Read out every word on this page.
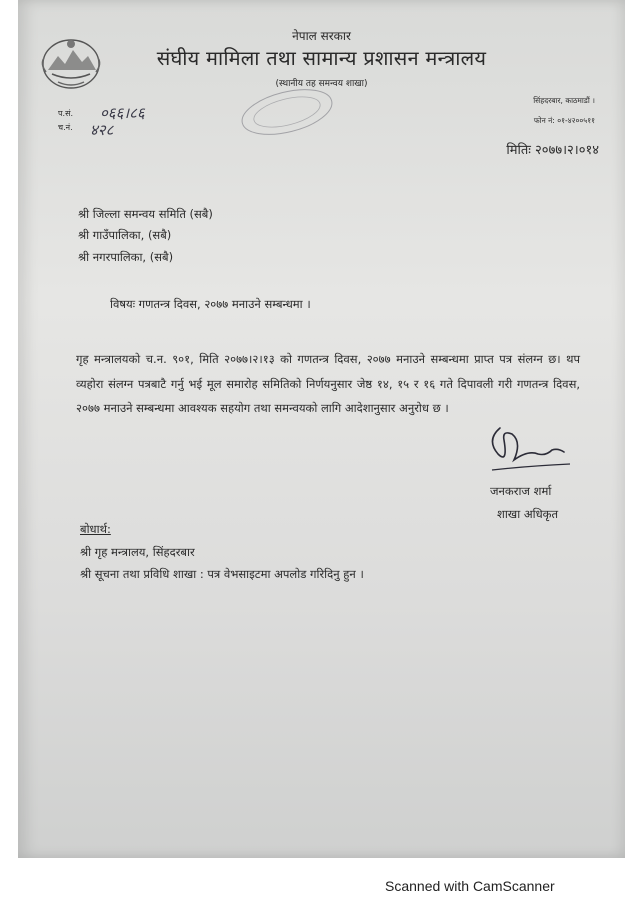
नेपाल सरकार
संघीय मामिला तथा सामान्य प्रशासन मन्त्रालय
(स्थानीय तह समन्वय शाखा)
सिंहदरबार, काठमाडौं ।
फोन नं: ०१-४२००५११
प.सं. ०६६।८६
च.नं. ४२८
मितिः २०७७।२।०१४
श्री जिल्ला समन्वय समिति (सबै)
श्री गाउँपालिका, (सबै)
श्री नगरपालिका, (सबै)
विषयः गणतन्त्र दिवस, २०७७ मनाउने सम्बन्धमा ।
गृह मन्त्रालयको च.न. ९०१, मिति २०७७।२।१३ को गणतन्त्र दिवस, २०७७ मनाउने सम्बन्धमा प्राप्त पत्र संलग्न छ। थप व्यहोरा संलग्न पत्रबाटै गर्नु भई मूल समारोह समितिको निर्णयनुसार जेष्ठ १४, १५ र १६ गते दिपावली गरी गणतन्त्र दिवस, २०७७ मनाउने सम्बन्धमा आवश्यक सहयोग तथा समन्वयको लागि आदेशानुसार अनुरोध छ ।
जनकराज शर्मा
शाखा अधिकृत
बोधार्थ:
श्री गृह मन्त्रालय, सिंहदरबार
श्री सूचना तथा प्रविधि शाखा : पत्र वेभसाइटमा अपलोड गरिदिनु हुन ।
Scanned with CamScanner
